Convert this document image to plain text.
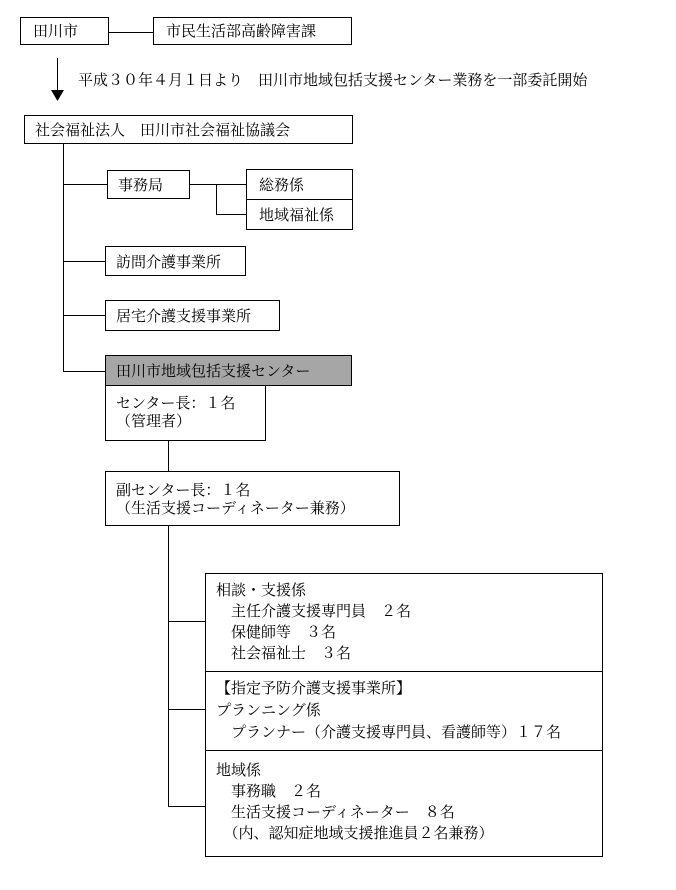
田川市	市民生活部高齢障害課
平成３０年４月１日より　田川市地域包括支援センター業務を一部委託開始
社会福祉法人　田川市社会福祉協議会
事務局	総務係
地域福祉係
訪問介護事業所
居宅介護支援事業所
田川市地域包括支援センター
センター長：１名
（管理者）
副センター長：１名
（生活支援コーディネーター兼務）
相談・支援係
　主任介護支援専門員　２名
　保健師等　３名
　社会福祉士　３名
【指定予防介護支援事業所】
プランニング係
　プランナー（介護支援専門員、看護師等）１７名
地域係
　事務職　２名
　生活支援コーディネーター　８名
　（内、認知症地域支援推進員２名兼務）
